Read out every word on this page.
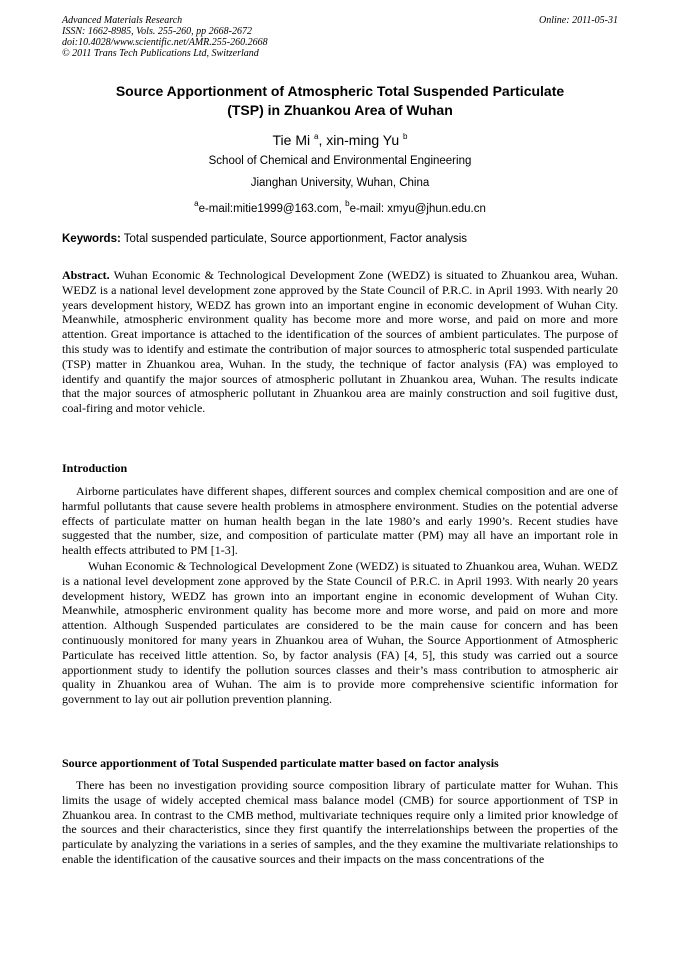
Advanced Materials Research
ISSN: 1662-8985, Vols. 255-260, pp 2668-2672
doi:10.4028/www.scientific.net/AMR.255-260.2668
© 2011 Trans Tech Publications Ltd, Switzerland
Online: 2011-05-31
Source Apportionment of Atmospheric Total Suspended Particulate
(TSP) in Zhuankou Area of Wuhan
Tie Mi $^a$, xin-ming Yu $^b$
School of Chemical and Environmental Engineering
Jianghan University, Wuhan, China
$^a$e-mail:mitie1999@163.com, $^b$e-mail: xmyu@jhun.edu.cn
Keywords: Total suspended particulate, Source apportionment, Factor analysis
Abstract. Wuhan Economic & Technological Development Zone (WEDZ) is situated to Zhuankou area, Wuhan. WEDZ is a national level development zone approved by the State Council of P.R.C. in April 1993. With nearly 20 years development history, WEDZ has grown into an important engine in economic development of Wuhan City. Meanwhile, atmospheric environment quality has become more and more worse, and paid on more and more attention. Great importance is attached to the identification of the sources of ambient particulates. The purpose of this study was to identify and estimate the contribution of major sources to atmospheric total suspended particulate (TSP) matter in Zhuankou area, Wuhan. In the study, the technique of factor analysis (FA) was employed to identify and quantify the major sources of atmospheric pollutant in Zhuankou area, Wuhan. The results indicate that the major sources of atmospheric pollutant in Zhuankou area are mainly construction and soil fugitive dust, coal-firing and motor vehicle.
Introduction
Airborne particulates have different shapes, different sources and complex chemical composition and are one of harmful pollutants that cause severe health problems in atmosphere environment. Studies on the potential adverse effects of particulate matter on human health began in the late 1980’s and early 1990’s. Recent studies have suggested that the number, size, and composition of particulate matter (PM) may all have an important role in health effects attributed to PM [1-3].
Wuhan Economic & Technological Development Zone (WEDZ) is situated to Zhuankou area, Wuhan. WEDZ is a national level development zone approved by the State Council of P.R.C. in April 1993. With nearly 20 years development history, WEDZ has grown into an important engine in economic development of Wuhan City. Meanwhile, atmospheric environment quality has become more and more worse, and paid on more and more attention. Although Suspended particulates are considered to be the main cause for concern and has been continuously monitored for many years in Zhuankou area of Wuhan, the Source Apportionment of Atmospheric Particulate has received little attention. So, by factor analysis (FA) [4, 5], this study was carried out a source apportionment study to identify the pollution sources classes and their’s mass contribution to atmospheric air quality in Zhuankou area of Wuhan. The aim is to provide more comprehensive scientific information for government to lay out air pollution prevention planning.
Source apportionment of Total Suspended particulate matter based on factor analysis
There has been no investigation providing source composition library of particulate matter for Wuhan. This limits the usage of widely accepted chemical mass balance model (CMB) for source apportionment of TSP in Zhuankou area. In contrast to the CMB method, multivariate techniques require only a limited prior knowledge of the sources and their characteristics, since they first quantify the interrelationships between the properties of the particulate by analyzing the variations in a series of samples, and the they examine the multivariate relationships to enable the identification of the causative sources and their impacts on the mass concentrations of the
